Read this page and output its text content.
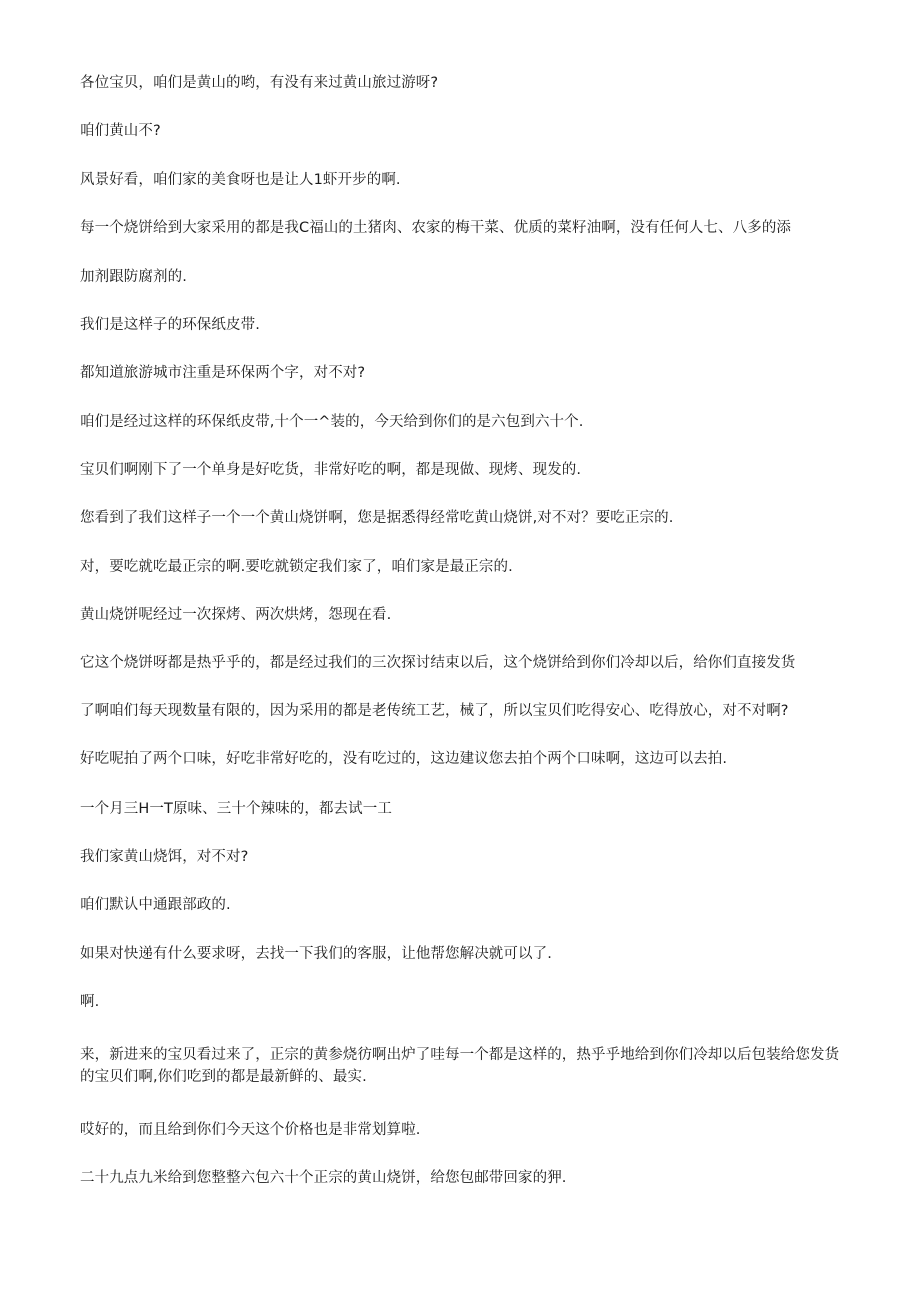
各位宝贝，咱们是黄山的哟，有没有来过黄山旅过游呀?
咱们黄山不?
风景好看，咱们家的美食呀也是让人1虾开步的啊.
每一个烧饼给到大家采用的都是我C福山的土猪肉、农家的梅干菜、优质的菜籽油啊，没有任何人七、八多的添
加剂跟防腐剂的.
我们是这样子的环保纸皮带.
都知道旅游城市注重是环保两个字，对不对?
咱们是经过这样的环保纸皮带,十个一^装的，今天给到你们的是六包到六十个.
宝贝们啊刚下了一个单身是好吃货，非常好吃的啊，都是现做、现烤、现发的.
您看到了我们这样子一个一个黄山烧饼啊，您是据悉得经常吃黄山烧饼,对不对？要吃正宗的.
对，要吃就吃最正宗的啊.要吃就锁定我们家了，咱们家是最正宗的.
黄山烧饼呢经过一次探烤、两次烘烤，怨现在看.
它这个烧饼呀都是热乎乎的，都是经过我们的三次探讨结束以后，这个烧饼给到你们冷却以后，给你们直接发货
了啊咱们每天现数量有限的，因为采用的都是老传统工艺，械了，所以宝贝们吃得安心、吃得放心，对不对啊?
好吃呢拍了两个口味，好吃非常好吃的，没有吃过的，这边建议您去拍个两个口味啊，这边可以去拍.
一个月三H一T原味、三十个辣味的，都去试一工
我们家黄山烧饵，对不对?
咱们默认中通跟部政的.
如果对快递有什么要求呀，去找一下我们的客服，让他帮您解决就可以了.
啊.
来，新进来的宝贝看过来了，正宗的黄参烧彷啊出炉了哇每一个都是这样的，热乎乎地给到你们冷却以后包装给您发货的宝贝们啊,你们吃到的都是最新鲜的、最实.
哎好的，而且给到你们今天这个价格也是非常划算啦.
二十九点九米给到您整整六包六十个正宗的黄山烧饼，给您包邮带回家的狎.
